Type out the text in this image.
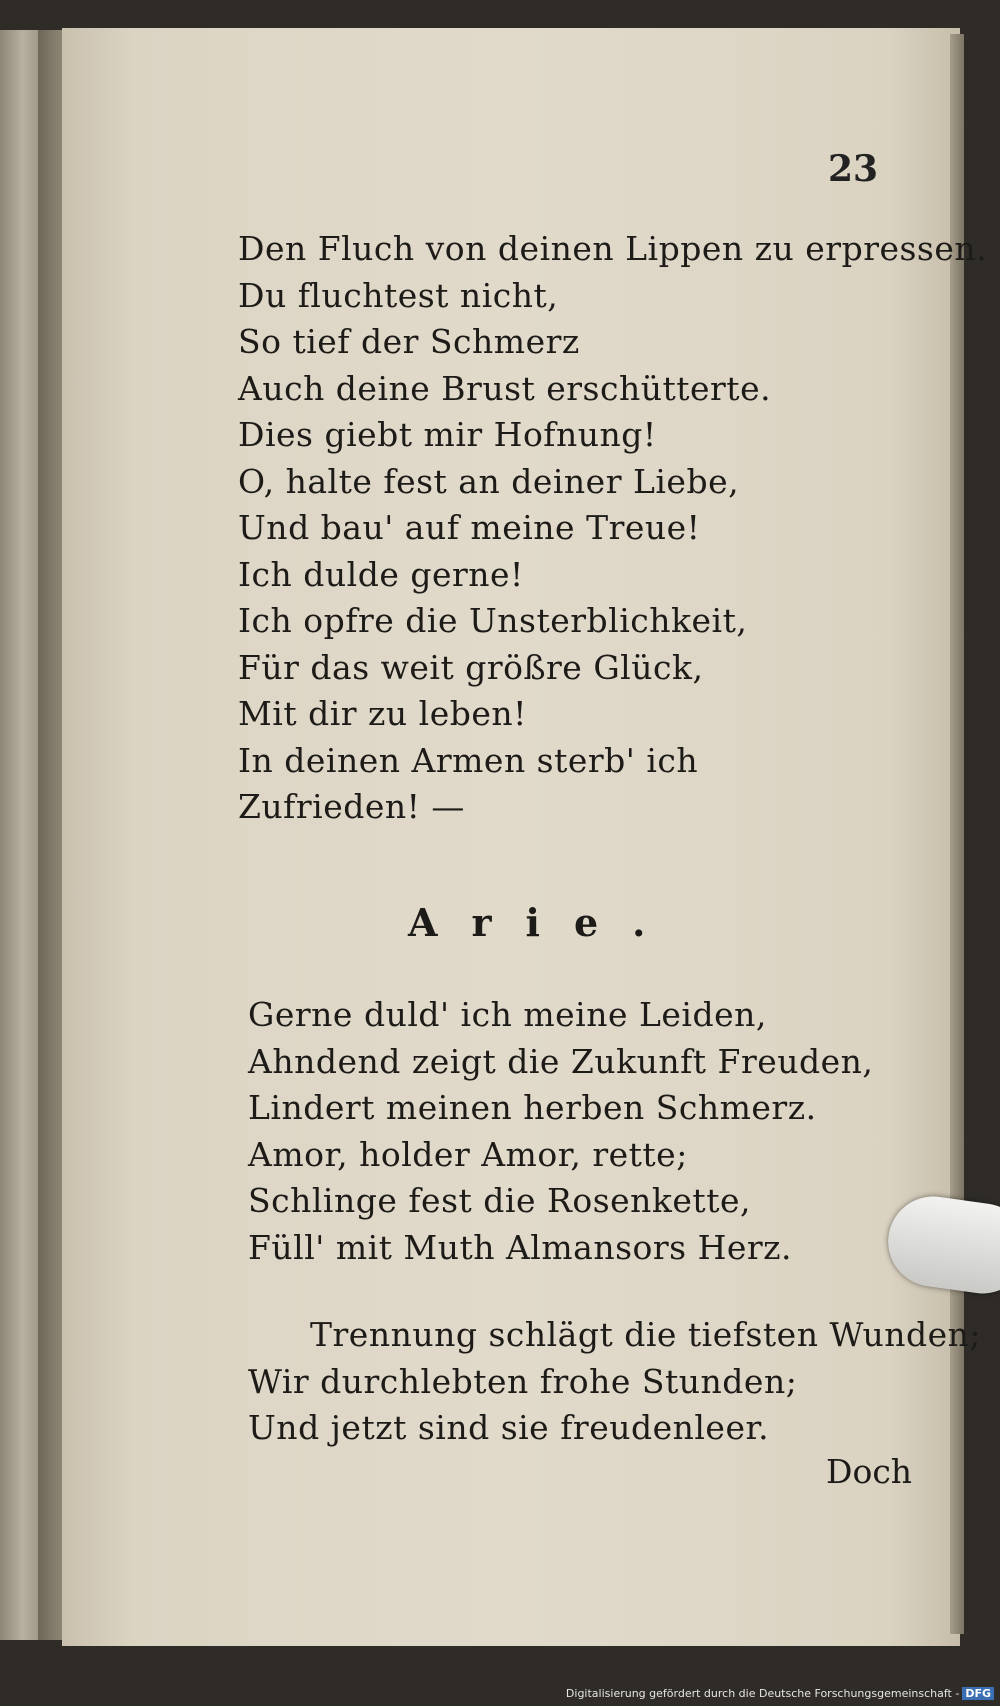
23
Den Fluch von deinen Lippen zu erpressen.
Du fluchtest nicht,
So tief der Schmerz
Auch deine Brust erschütterte.
Dies giebt mir Hofnung!
O, halte fest an deiner Liebe,
Und bau' auf meine Treue!
Ich dulde gerne!
Ich opfre die Unsterblichkeit,
Für das weit größre Glück,
Mit dir zu leben!
In deinen Armen sterb' ich
Zufrieden! —
Arie.
Gerne duld' ich meine Leiden,
Ahndend zeigt die Zukunft Freuden,
Lindert meinen herben Schmerz.
Amor, holder Amor, rette;
Schlinge fest die Rosenkette,
Füll' mit Muth Almansors Herz.
Trennung schlägt die tiefsten Wunden;
Wir durchlebten frohe Stunden;
Und jetzt sind sie freudenleer.
Doch
Digitalisierung gefördert durch die Deutsche Forschungsgemeinschaft - DFG
